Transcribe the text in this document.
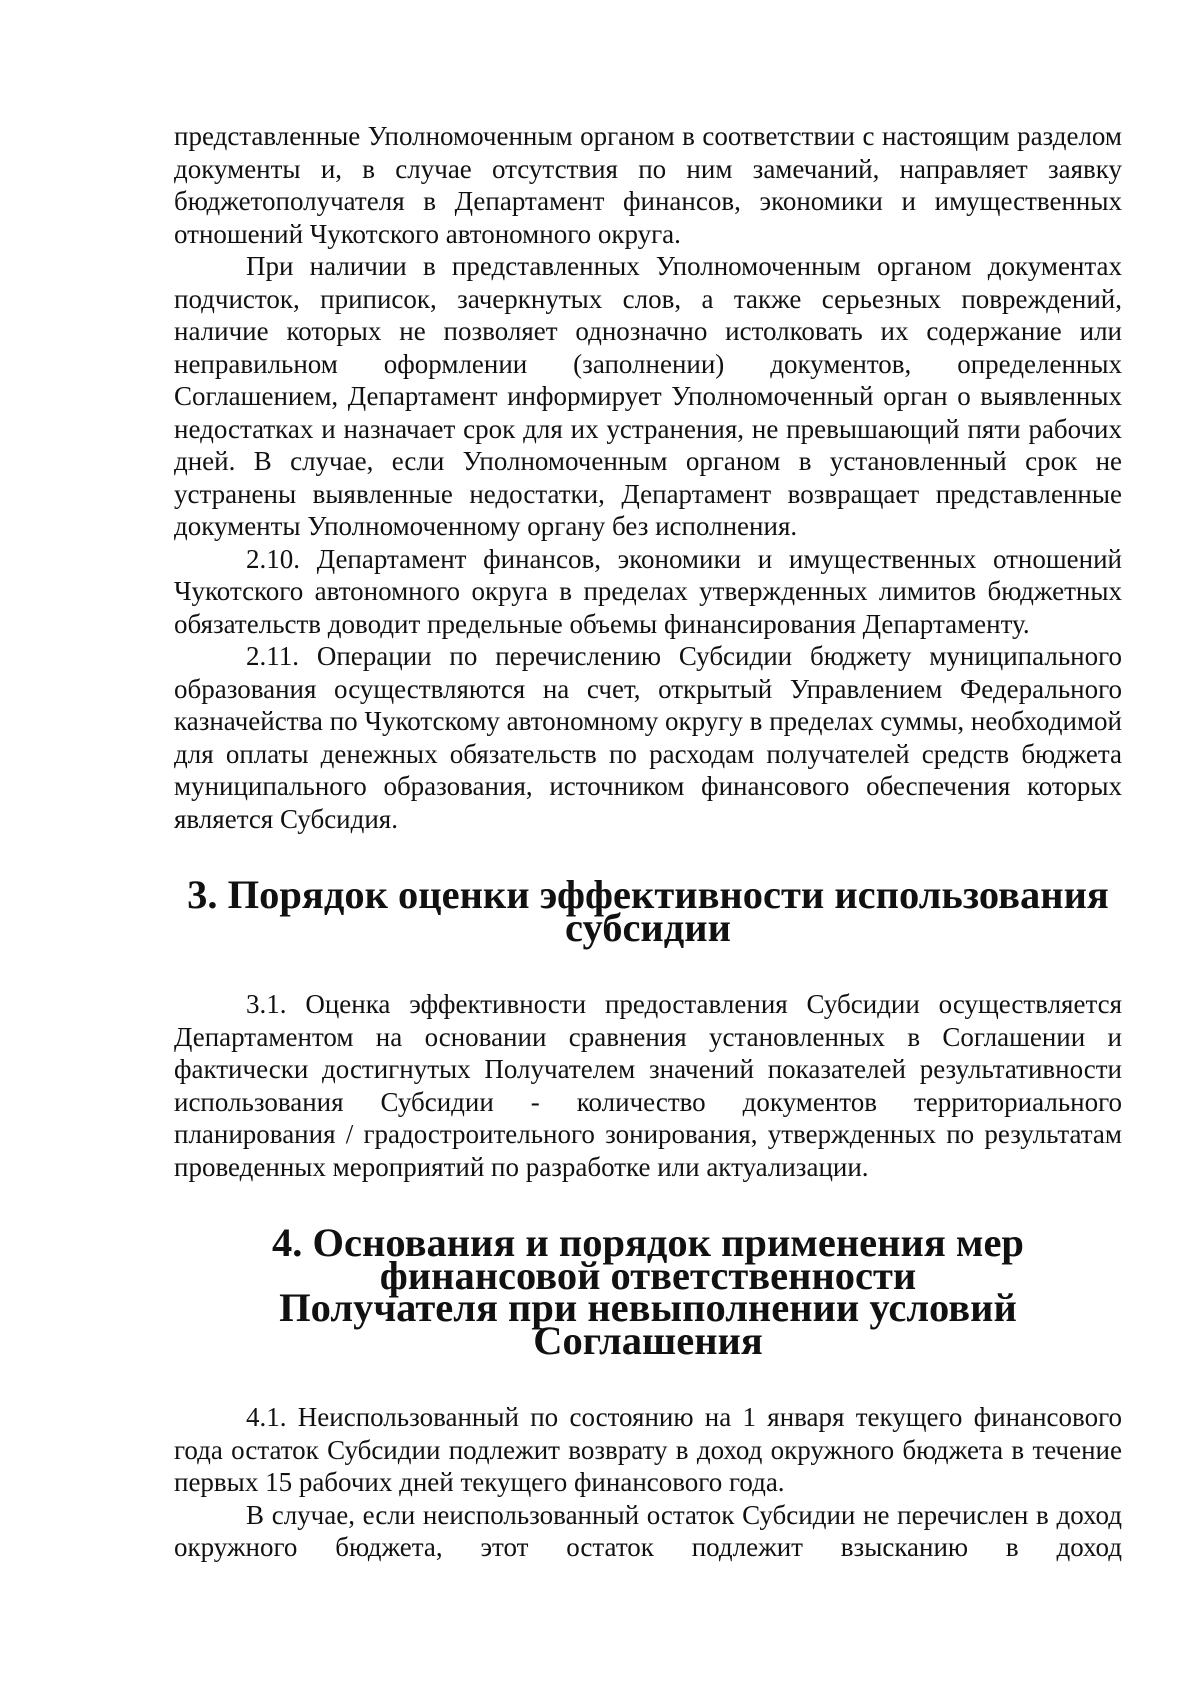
представленные Уполномоченным органом в соответствии с настоящим разделом документы и, в случае отсутствия по ним замечаний, направляет заявку бюджетополучателя в Департамент финансов, экономики и имущественных отношений Чукотского автономного округа.

При наличии в представленных Уполномоченным органом документах подчисток, приписок, зачеркнутых слов, а также серьезных повреждений, наличие которых не позволяет однозначно истолковать их содержание или неправильном оформлении (заполнении) документов, определенных Соглашением, Департамент информирует Уполномоченный орган о выявленных недостатках и назначает срок для их устранения, не превышающий пяти рабочих дней. В случае, если Уполномоченным органом в установленный срок не устранены выявленные недостатки, Департамент возвращает представленные документы Уполномоченному органу без исполнения.

2.10. Департамент финансов, экономики и имущественных отношений Чукотского автономного округа в пределах утвержденных лимитов бюджетных обязательств доводит предельные объемы финансирования Департаменту.

2.11. Операции по перечислению Субсидии бюджету муниципального образования осуществляются на счет, открытый Управлением Федерального казначейства по Чукотскому автономному округу в пределах суммы, необходимой для оплаты денежных обязательств по расходам получателей средств бюджета муниципального образования, источником финансового обеспечения которых является Субсидия.

3. Порядок оценки эффективности использования субсидии

3.1. Оценка эффективности предоставления Субсидии осуществляется Департаментом на основании сравнения установленных в Соглашении и фактически достигнутых Получателем значений показателей результативности использования Субсидии - количество документов территориального планирования / градостроительного зонирования, утвержденных по результатам проведенных мероприятий по разработке или актуализации.

4. Основания и порядок применения мер финансовой ответственности
Получателя при невыполнении условий Соглашения

4.1. Неиспользованный по состоянию на 1 января текущего финансового года остаток Субсидии подлежит возврату в доход окружного бюджета в течение первых 15 рабочих дней текущего финансового года.

В случае, если неиспользованный остаток Субсидии не перечислен в доход окружного бюджета, этот остаток подлежит взысканию в доход
